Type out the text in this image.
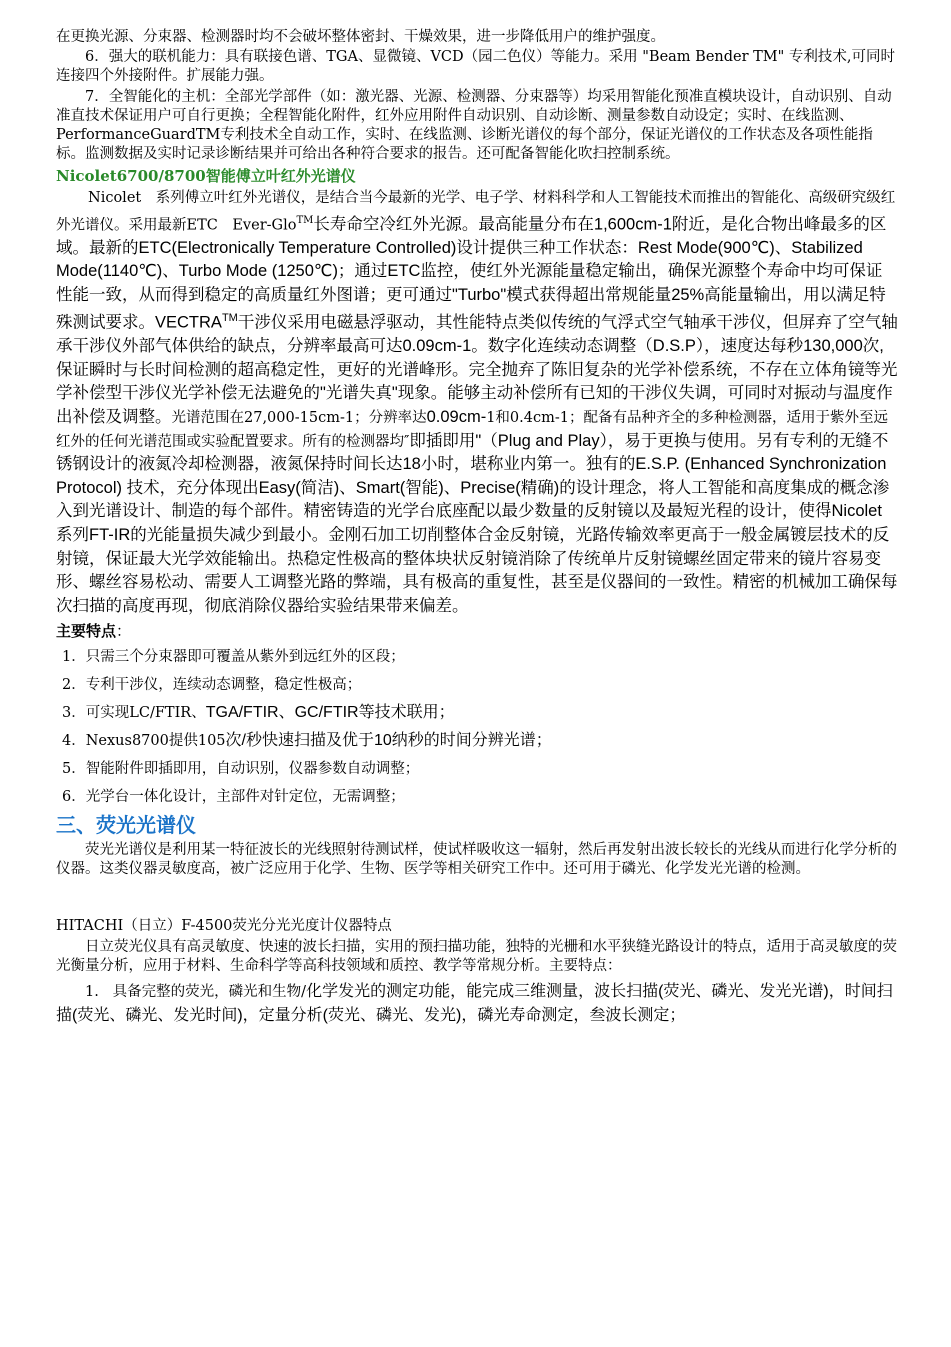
在更换光源、分束器、检测器时均不会破坏整体密封、干燥效果，进一步降低用户的维护强度。

6．强大的联机能力：具有联接色谱、TGA、显微镜、VCD（园二色仪）等能力。采用 "Beam Bender TM" 专利技术,可同时连接四个外接附件。扩展能力强。

7．全智能化的主机：全部光学部件（如：激光器、光源、检测器、分束器等）均采用智能化预准直模块设计，自动识别、自动准直技术保证用户可自行更换；全程智能化附件，红外应用附件自动识别、自动诊断、测量参数自动设定；实时、在线监测、PerformanceGuardTM专利技术全自动工作，实时、在线监测、诊断光谱仪的每个部分，保证光谱仪的工作状态及各项性能指标。监测数据及实时记录诊断结果并可给出各种符合要求的报告。还可配备智能化吹扫控制系统。

Nicolet6700/8700智能傅立叶红外光谱仪

Nicolet　系列傅立叶红外光谱仪，是结合当今最新的光学、电子学、材料科学和人工智能技术而推出的智能化、高级研究级红外光谱仪。采用最新ETC　Ever-Glo™长寿命空冷红外光源。最高能量分布在1,600cm-1附近，是化合物出峰最多的区域。最新的ETC(Electronically Temperature Controlled)设计提供三种工作状态：Rest Mode(900℃)、Stabilized Mode(1140℃)、Turbo Mode (1250℃)；通过ETC监控，使红外光源能量稳定输出，确保光源整个寿命中均可保证性能一致，从而得到稳定的高质量红外图谱；更可通过"Turbo"模式获得超出常规能量25%高能量输出，用以满足特殊测试要求。VECTRA™干涉仪采用电磁悬浮驱动，其性能特点类似传统的气浮式空气轴承干涉仪，但屏弃了空气轴承干涉仪外部气体供给的缺点，分辨率最高可达0.09cm-1。数字化连续动态调整（D.S.P），速度达每秒130,000次, 保证瞬时与长时间检测的超高稳定性，更好的光谱峰形。完全抛弃了陈旧复杂的光学补偿系统，不存在立体角镜等光学补偿型干涉仪光学补偿无法避免的"光谱失真"现象。能够主动补偿所有已知的干涉仪失调，可同时对振动与温度作出补偿及调整。光谱范围在27,000-15cm-1；分辨率达0.09cm-1和0.4cm-1；配备有品种齐全的多种检测器，适用于紫外至远红外的任何光谱范围或实验配置要求。所有的检测器均″即插即用"（Plug and Play），易于更换与使用。另有专利的无缝不锈钢设计的液氮冷却检测器，液氮保持时间长达18小时，堪称业内第一。独有的E.S.P. (Enhanced Synchronization Protocol) 技术，充分体现出Easy(简洁)、Smart(智能)、Precise(精确)的设计理念，将人工智能和高度集成的概念渗入到光谱设计、制造的每个部件。精密铸造的光学台底座配以最少数量的反射镜以及最短光程的设计，使得Nicolet 系列FT-IR的光能量损失减少到最小。金刚石加工切削整体合金反射镜，光路传输效率更高于一般金属镀层技术的反射镜，保证最大光学效能输出。热稳定性极高的整体块状反射镜消除了传统单片反射镜螺丝固定带来的镜片容易变形、螺丝容易松动、需要人工调整光路的弊端，具有极高的重复性，甚至是仪器间的一致性。精密的机械加工确保每次扫描的高度再现，彻底消除仪器给实验结果带来偏差。

主要特点：

1．只需三个分束器即可覆盖从紫外到远红外的区段；
2．专利干涉仪，连续动态调整，稳定性极高；
3．可实现LC/FTIR、TGA/FTIR、GC/FTIR等技术联用；
4．Nexus8700提供105次/秒快速扫描及优于10纳秒的时间分辨光谱；
5．智能附件即插即用，自动识别，仪器参数自动调整；
6．光学台一体化设计，主部件对针定位，无需调整；

三、荧光光谱仪

荧光光谱仪是利用某一特征波长的光线照射待测试样，使试样吸收这一辐射，然后再发射出波长较长的光线从而进行化学分析的仪器。这类仪器灵敏度高，被广泛应用于化学、生物、医学等相关研究工作中。还可用于磷光、化学发光光谱的检测。

HITACHI（日立）F-4500荧光分光光度计仪器特点

日立荧光仪具有高灵敏度、快速的波长扫描，实用的预扫描功能，独特的光栅和水平狭缝光路设计的特点，适用于高灵敏度的荧光衡量分析，应用于材料、生命科学等高科技领域和质控、教学等常规分析。主要特点：

1. 具备完整的荧光，磷光和生物/化学发光的测定功能，能完成三维测量，波长扫描(荧光、磷光、发光光谱)，时间扫描(荧光、磷光、发光时间)，定量分析(荧光、磷光、发光)，磷光寿命测定，叁波长测定；
